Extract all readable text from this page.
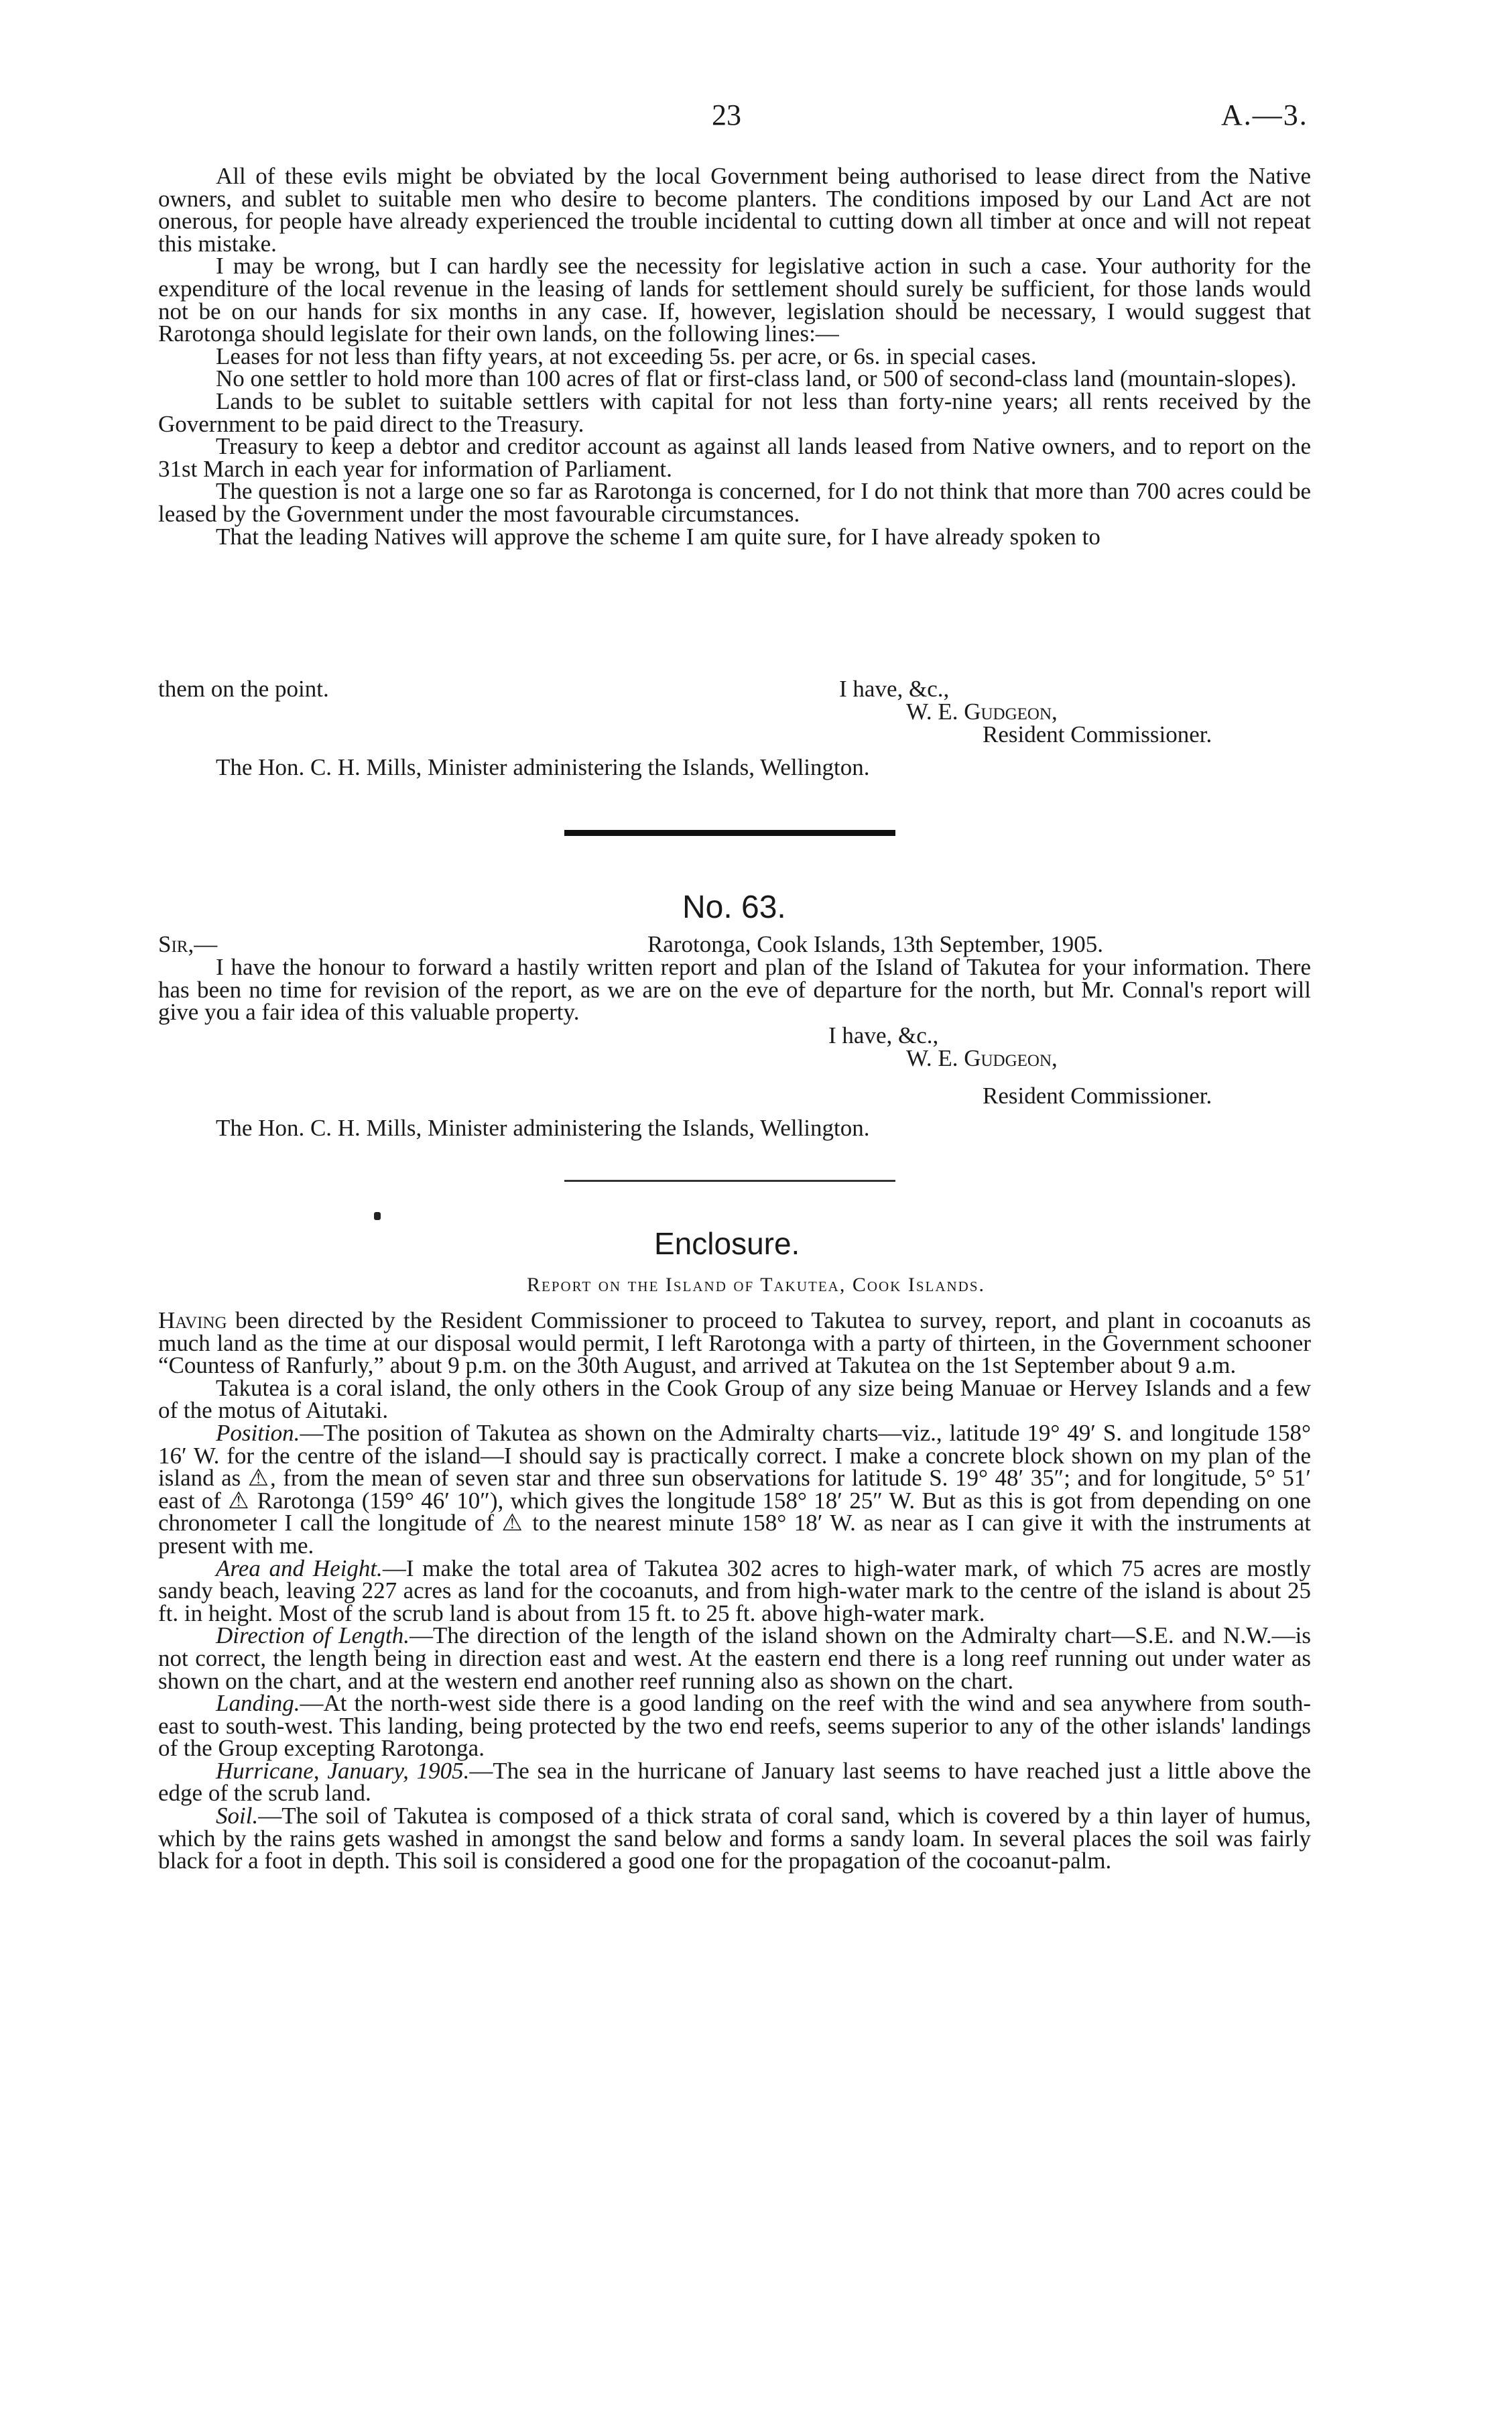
23	A.—3.

All of these evils might be obviated by the local Government being authorised to lease direct from the Native owners, and sublet to suitable men who desire to become planters. The conditions imposed by our Land Act are not onerous, for people have already experienced the trouble incidental to cutting down all timber at once and will not repeat this mistake.

I may be wrong, but I can hardly see the necessity for legislative action in such a case. Your authority for the expenditure of the local revenue in the leasing of lands for settlement should surely be sufficient, for those lands would not be on our hands for six months in any case. If, however, legislation should be necessary, I would suggest that Rarotonga should legislate for their own lands, on the following lines:—

Leases for not less than fifty years, at not exceeding 5s. per acre, or 6s. in special cases.

No one settler to hold more than 100 acres of flat or first-class land, or 500 of second-class land (mountain-slopes).

Lands to be sublet to suitable settlers with capital for not less than forty-nine years; all rents received by the Government to be paid direct to the Treasury.

Treasury to keep a debtor and creditor account as against all lands leased from Native owners, and to report on the 31st March in each year for information of Parliament.

The question is not a large one so far as Rarotonga is concerned, for I do not think that more than 700 acres could be leased by the Government under the most favourable circumstances.

That the leading Natives will approve the scheme I am quite sure, for I have already spoken to

them on the point.	I have, &c.,
W. E. Gudgeon,
Resident Commissioner.
The Hon. C. H. Mills, Minister administering the Islands, Wellington.
No. 63.
Sir,—	Rarotonga, Cook Islands, 13th September, 1905.

I have the honour to forward a hastily written report and plan of the Island of Takutea for your information. There has been no time for revision of the report, as we are on the eve of departure for the north, but Mr. Connal's report will give you a fair idea of this valuable property.

I have, &c.,
W. E. Gudgeon,
Resident Commissioner.
The Hon. C. H. Mills, Minister administering the Islands, Wellington.
Enclosure.
Report on the Island of Takutea, Cook Islands.

Having been directed by the Resident Commissioner to proceed to Takutea to survey, report, and plant in cocoanuts as much land as the time at our disposal would permit, I left Rarotonga with a party of thirteen, in the Government schooner “Countess of Ranfurly,” about 9 p.m. on the 30th August, and arrived at Takutea on the 1st September about 9 a.m.

Takutea is a coral island, the only others in the Cook Group of any size being Manuae or Hervey Islands and a few of the motus of Aitutaki.

Position.—The position of Takutea as shown on the Admiralty charts—viz., latitude 19° 49′ S. and longitude 158° 16′ W. for the centre of the island—I should say is practically correct. I make a concrete block shown on my plan of the island as ⚠, from the mean of seven star and three sun observations for latitude S. 19° 48′ 35″; and for longitude, 5° 51′ east of ⚠ Rarotonga (159° 46′ 10″), which gives the longitude 158° 18′ 25″ W. But as this is got from depending on one chronometer I call the longitude of ⚠ to the nearest minute 158° 18′ W. as near as I can give it with the instruments at present with me.

Area and Height.—I make the total area of Takutea 302 acres to high-water mark, of which 75 acres are mostly sandy beach, leaving 227 acres as land for the cocoanuts, and from high-water mark to the centre of the island is about 25 ft. in height. Most of the scrub land is about from 15 ft. to 25 ft. above high-water mark.

Direction of Length.—The direction of the length of the island shown on the Admiralty chart—S.E. and N.W.—is not correct, the length being in direction east and west. At the eastern end there is a long reef running out under water as shown on the chart, and at the western end another reef running also as shown on the chart.

Landing.—At the north-west side there is a good landing on the reef with the wind and sea anywhere from south-east to south-west. This landing, being protected by the two end reefs, seems superior to any of the other islands' landings of the Group excepting Rarotonga.

Hurricane, January, 1905.—The sea in the hurricane of January last seems to have reached just a little above the edge of the scrub land.

Soil.—The soil of Takutea is composed of a thick strata of coral sand, which is covered by a thin layer of humus, which by the rains gets washed in amongst the sand below and forms a sandy loam. In several places the soil was fairly black for a foot in depth. This soil is considered a good one for the propagation of the cocoanut-palm.
